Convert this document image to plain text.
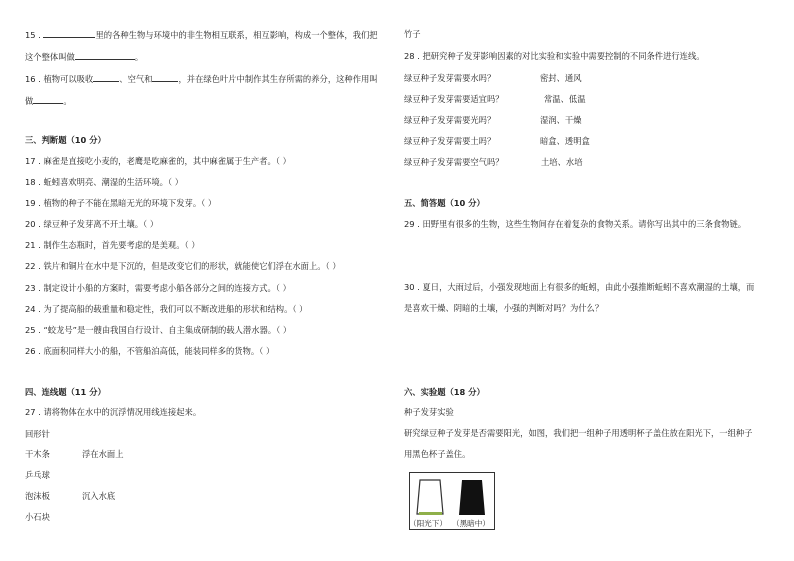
15 .	里的各种生物与环境中的非生物相互联系，相互影响，构成一个整体，我们把
这个整体叫做	。
16 . 植物可以吸收	、空气和	，并在绿色叶片中制作其生存所需的养分，这种作用叫
做	。
三、判断题（10 分）
17 . 麻雀是直接吃小麦的，老鹰是吃麻雀的，其中麻雀属于生产者。（ ）
18 . 蚯蚓喜欢明亮、潮湿的生活环境。（ ）
19 . 植物的种子不能在黑暗无光的环境下发芽。（ ）
20 . 绿豆种子发芽离不开土壤。（ ）
21 . 制作生态瓶时，首先要考虑的是美观。（ ）
22 . 铁片和铜片在水中是下沉的，但是改变它们的形状，就能使它们浮在水面上。（ ）
23 . 制定设计小船的方案时，需要考虑小船各部分之间的连接方式。（ ）
24 . 为了提高船的载重量和稳定性，我们可以不断改进船的形状和结构。（ ）
25 . “蛟龙号”是一艘由我国自行设计、自主集成研制的载人潜水器。（ ）
26 . 底面积同样大小的船，不管船泊高低，能装同样多的货物。（ ）
四、连线题（11 分）
27 . 请将物体在水中的沉浮情况用线连接起来。
回形针
干木条	浮在水面上
乒乓球
泡沫板	沉入水底
小石块
竹子
28 . 把研究种子发芽影响因素的对比实验和实验中需要控制的不同条件进行连线。
绿豆种子发芽需要水吗？	密封、通风
绿豆种子发芽需要适宜吗？	常温、低温
绿豆种子发芽需要光吗？	湿润、干燥
绿豆种子发芽需要土吗？	暗盒、透明盒
绿豆种子发芽需要空气吗？	土培、水培
五、简答题（10 分）
29 . 田野里有很多的生物，这些生物间存在着复杂的食物关系。请你写出其中的三条食物链。
30 . 夏日，大雨过后，小强发现地面上有很多的蚯蚓，由此小强推断蚯蚓不喜欢潮湿的土壤，而
是喜欢干燥、阴暗的土壤，小强的判断对吗？为什么？
六、实验题（18 分）
种子发芽实验
研究绿豆种子发芽是否需要阳光，如图，我们把一组种子用透明杯子盖住放在阳光下，一组种子
用黑色杯子盖住。
（阳光下） （黑暗中）
